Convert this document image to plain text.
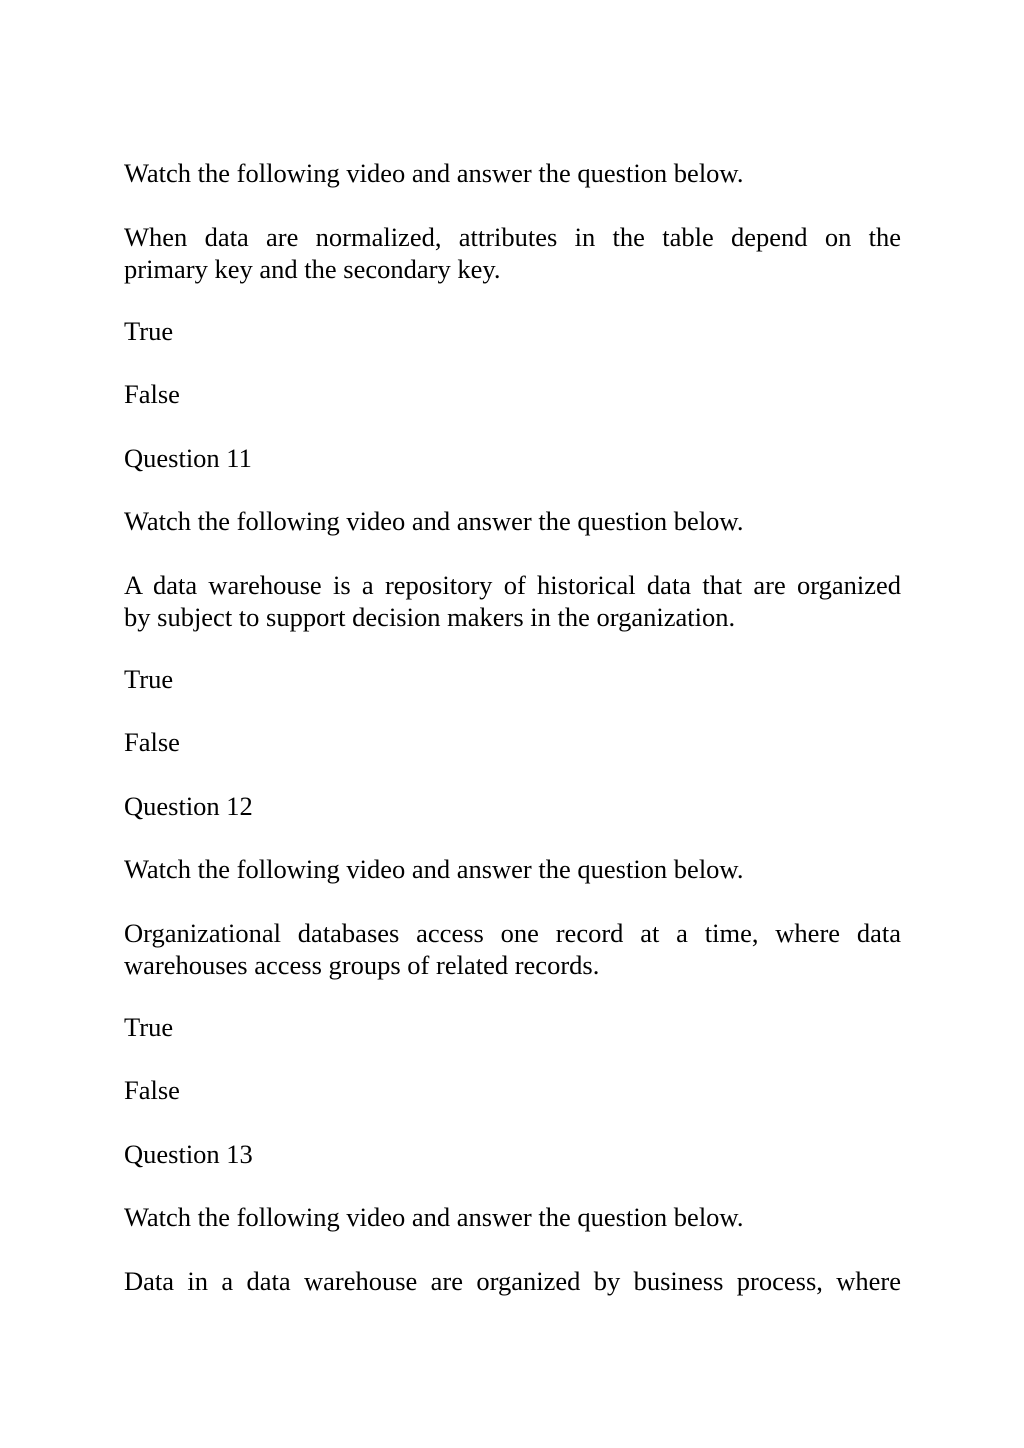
Watch the following video and answer the question below.
When data are normalized, attributes in the table depend on the
primary key and the secondary key.
True
False
Question 11
Watch the following video and answer the question below.
A data warehouse is a repository of historical data that are organized
by subject to support decision makers in the organization.
True
False
Question 12
Watch the following video and answer the question below.
Organizational databases access one record at a time, where data
warehouses access groups of related records.
True
False
Question 13
Watch the following video and answer the question below.
Data in a data warehouse are organized by business process, where
